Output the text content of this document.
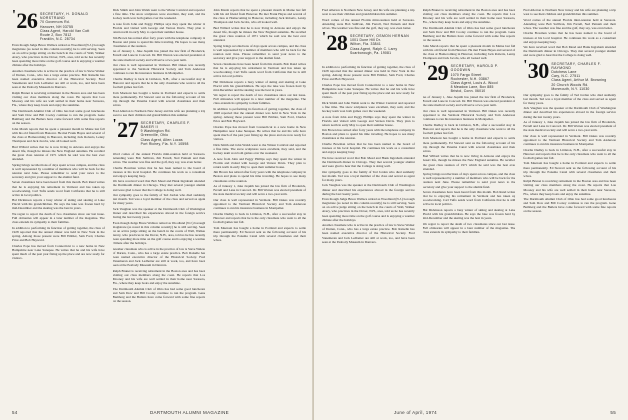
'26 SECRETARY, H. DONALD NORSTRAND
70 Governors Rd.
Hanover, NH 03755
Class Agent, Harold Van Cott
Route 2, Box 7812
Franklin, N.C. 28734

Even though Judge Bruce Wallace retired as Woodland (N.J.) borough magistrate (as noted in this column recently) he is still serving. Seen on an active judge sitting on the bench in the courts of Wall, Walker Avery, who practices in the Dover, N.H., area, told us he has recently been spending more time on the golf course and is enjoying a warmer climate after the holidays.

Another classmate who is active in the practice of law is Steve Walzer of Darien, Conn., who has a large estate practice. Bob Raiselle has been named executive director of the Historical Society. Fred Vanemeran and Jack Ledbetter are still at work, too, and have been seen at the Peabody Museum in Danvers.

Ralph Brunet is receiving retirement in the Boston area and has been visiting our class members along the coast. He reports that Lou Mooney and his wife are well settled in their home near Sarasota, Fla., where they keep boats and enjoy the sunshine.

The Dartmouth Alumni Club of Ohio has had some good luncheons and Sam Dow and Bill Cooley continue to run the program. Gene Bamberg and the Butlers have come forward with some fine reports on the season.

John Marsh reports that he spent a pleasant month in Maine last fall with his old friend from Hanover. He met Frank Hayes and several of the class at Homecoming in Hanover, including Jack Roberts, Lenny Thompson and Jack Jacobs, who all looked well.

Bud Willard writes that he is now living in Arizona and enjoys the desert life, though he misses the New England autumns. He recalled the great class reunion of 1971 which he said was the best ever attended.

Spring brings recollections of days spent across campus, and the class is well represented by a number of members who will be back for the reunion next June. Please remember to send your news to the secretary and give your support to the alumni fund.

Seven classmates have been heard from this month. Bob Rand writes that he is enjoying his retirement in Vermont and has taken up woodworking. Carl Tufts sends word from California that he is still active in local politics.

Hal Dickinson reports a busy winter of skiing and skating at Lake Placid with his grandchildren. He says the lake was frozen hard by mid-December and the skating was the best in years.

We regret to report the death of two classmates since our last issue. Full obituaries will appear in a later number of the magazine. The class extends its sympathy to their families.

In addition to performing its function of getting together, the class of 1928 reported that the annual dinner was held in New York in the spring. Among those present were Bill Embler, Sam Ford, Charles Price and Bob Hayward.

Charles Pope has moved from Connecticut to a new home in New Hampshire near Lake Sunapee. He writes that he and his wife have spent much of the past year fixing up the place and are now ready for visitors.

Dick Smith and John Walsh went to the Winter Carnival and reported a fine time. The snow sculptures were excellent, they said, and the hockey team won both games over the weekend.

A note from John and Peggy Phillips says they spent the winter in Florida and visited with George and Vernon Davis. They plan to return north in early May to open their summer house.

Jim Brown has retired after forty years with the telephone company in Boston and plans to spend his time traveling. He hopes to see many classmates at the reunion.

As of January 1, Jake Jaquith has joined the law firm of Broderick, Ferrell and Lane in Concord. Dr. Bill Warren was elected president of the state medical society and will serve a two-year term.

Our class is well represented in Vermont. Bill Oakes was recently appointed to the Vermont Historical Society and Tom Anderson continues to run his insurance business in Montpelier.

Charlie Dudley is back in Littleton, N.H., after a successful stay in Hanover and reports that he is the only classmate who went to all the football games last fall.

Tom Mazzoni has bought a home in Portland and expects to settle there permanently. Ed Stewart sent us the following account of his trip through the Panama Canal with several classmates and their wives.

Fred Allerton is Northern New Jersey and his wife are planning a trip west to see their children and grandchildren this summer.

'27 SECRETARY, CHARLES F. BAKER II
9 Washington Rd.
Greenville, Ohio
Class Agent, Allen Lucas
Port Richey, Fla. N.Y. 10598

Word comes of the annual Florida mini-reunion held at Sarasota. Attending were Bob Sullivan, Jim Farrell, Ned Putnam and their wives. The weather was fine and the golf, they say, was even better.

Charlie Bowman writes that he has been named to the board of trustees at his local hospital. He continues his work as a consultant and enjoys keeping busy.

We have received word that Bob Mead and Hank Ingraham attended the Dartmouth dinner in Chicago. They met several younger alumni and were glad to hear that the College is doing well.

Our sympathy goes to the family of Ted Jordan who died suddenly last month. Ted was a loyal member of the class and served as agent for many years.

Jack Vaughan was the speaker at the Dartmouth Club of Washington dinner and described his experiences abroad in the foreign service during the last twenty years.

Even though Judge Bruce Wallace retired as Woodland (N.J.) borough magistrate (as noted in this column recently) he is still serving. Seen on an active judge sitting on the bench in the courts of Wall, Walker Avery, who practices in the Dover, N.H., area, told us he has recently been spending more time on the golf course and is enjoying a warmer climate after the holidays.

Another classmate who is active in the practice of law is Steve Walzer of Darien, Conn., who has a large estate practice. Bob Raiselle has been named executive director of the Historical Society. Fred Vanemeran and Jack Ledbetter are still at work, too, and have been seen at the Peabody Museum in Danvers.

Ralph Brunet is receiving retirement in the Boston area and has been visiting our class members along the coast. He reports that Lou Mooney and his wife are well settled in their home near Sarasota, Fla., where they keep boats and enjoy the sunshine.

The Dartmouth Alumni Club of Ohio has had some good luncheons and Sam Dow and Bill Cooley continue to run the program. Gene Bamberg and the Butlers have come forward with some fine reports on the season.

John Marsh reports that he spent a pleasant month in Maine last fall with his old friend from Hanover. He met Frank Hayes and several of the class at Homecoming in Hanover, including Jack Roberts, Lenny Thompson and Jack Jacobs, who all looked well.

Bud Willard writes that he is now living in Arizona and enjoys the desert life, though he misses the New England autumns. He recalled the great class reunion of 1971 which he said was the best ever attended.

Spring brings recollections of days spent across campus, and the class is well represented by a number of members who will be back for the reunion next June. Please remember to send your news to the secretary and give your support to the alumni fund.

Seven classmates have been heard from this month. Bob Rand writes that he is enjoying his retirement in Vermont and has taken up woodworking. Carl Tufts sends word from California that he is still active in local politics.

Hal Dickinson reports a busy winter of skiing and skating at Lake Placid with his grandchildren. He says the lake was frozen hard by mid-December and the skating was the best in years.

We regret to report the death of two classmates since our last issue. Full obituaries will appear in a later number of the magazine. The class extends its sympathy to their families.

In addition to performing its function of getting together, the class of 1928 reported that the annual dinner was held in New York in the spring. Among those present were Bill Embler, Sam Ford, Charles Price and Bob Hayward.

Charles Pope has moved from Connecticut to a new home in New Hampshire near Lake Sunapee. He writes that he and his wife have spent much of the past year fixing up the place and are now ready for visitors.

Dick Smith and John Walsh went to the Winter Carnival and reported a fine time. The snow sculptures were excellent, they said, and the hockey team won both games over the weekend.

A note from John and Peggy Phillips says they spent the winter in Florida and visited with George and Vernon Davis. They plan to return north in early May to open their summer house.

Jim Brown has retired after forty years with the telephone company in Boston and plans to spend his time traveling. He hopes to see many classmates at the reunion.

As of January 1, Jake Jaquith has joined the law firm of Broderick, Ferrell and Lane in Concord. Dr. Bill Warren was elected president of the state medical society and will serve a two-year term.

Our class is well represented in Vermont. Bill Oakes was recently appointed to the Vermont Historical Society and Tom Anderson continues to run his insurance business in Montpelier.

Charlie Dudley is back in Littleton, N.H., after a successful stay in Hanover and reports that he is the only classmate who went to all the football games last fall.

Tom Mazzoni has bought a home in Portland and expects to settle there permanently. Ed Stewart sent us the following account of his trip through the Panama Canal with several classmates and their wives.

54	DARTMOUTH ALUMNI MAGAZINE

Fred Allerton is Northern New Jersey and his wife are planning a trip west to see their children and grandchildren this summer.

Word comes of the annual Florida mini-reunion held at Sarasota. Attending were Bob Sullivan, Jim Farrell, Ned Putnam and their wives. The weather was fine and the golf, they say, was even better.

'28 SECRETARY, OSMON HERNAN
1001 Dune Hill Dr.
Wilton, Fla. 33841
Class Agent, Ralph C. Larry
Scarborough, Pa. 19081

In addition to performing its function of getting together, the class of 1928 reported that the annual dinner was held in New York in the spring. Among those present were Bill Embler, Sam Ford, Charles Price and Bob Hayward.

Charles Pope has moved from Connecticut to a new home in New Hampshire near Lake Sunapee. He writes that he and his wife have spent much of the past year fixing up the place and are now ready for visitors.

Dick Smith and John Walsh went to the Winter Carnival and reported a fine time. The snow sculptures were excellent, they said, and the hockey team won both games over the weekend.

A note from John and Peggy Phillips says they spent the winter in Florida and visited with George and Vernon Davis. They plan to return north in early May to open their summer house.

Jim Brown has retired after forty years with the telephone company in Boston and plans to spend his time traveling. He hopes to see many classmates at the reunion.

Charlie Bowman writes that he has been named to the board of trustees at his local hospital. He continues his work as a consultant and enjoys keeping busy.

We have received word that Bob Mead and Hank Ingraham attended the Dartmouth dinner in Chicago. They met several younger alumni and were glad to hear that the College is doing well.

Our sympathy goes to the family of Ted Jordan who died suddenly last month. Ted was a loyal member of the class and served as agent for many years.

Jack Vaughan was the speaker at the Dartmouth Club of Washington dinner and described his experiences abroad in the foreign service during the last twenty years.

Even though Judge Bruce Wallace retired as Woodland (N.J.) borough magistrate (as noted in this column recently) he is still serving. Seen on an active judge sitting on the bench in the courts of Wall, Walker Avery, who practices in the Dover, N.H., area, told us he has recently been spending more time on the golf course and is enjoying a warmer climate after the holidays.

Another classmate who is active in the practice of law is Steve Walzer of Darien, Conn., who has a large estate practice. Bob Raiselle has been named executive director of the Historical Society. Fred Vanemeran and Jack Ledbetter are still at work, too, and have been seen at the Peabody Museum in Danvers.

Ralph Brunet is receiving retirement in the Boston area and has been visiting our class members along the coast. He reports that Lou Mooney and his wife are well settled in their home near Sarasota, Fla., where they keep boats and enjoy the sunshine.

The Dartmouth Alumni Club of Ohio has had some good luncheons and Sam Dow and Bill Cooley continue to run the program. Gene Bamberg and the Butlers have come forward with some fine reports on the season.

John Marsh reports that he spent a pleasant month in Maine last fall with his old friend from Hanover. He met Frank Hayes and several of the class at Homecoming in Hanover, including Jack Roberts, Lenny Thompson and Jack Jacobs, who all looked well.

'29 SECRETARY, HAROLD P. GOODWIN
1070 Fargo Street
Rochester, N.H. 03867
Class Agent, Louis A. Wood
8 Meadow Lane, Box 885
Bristol, Conn. 06010

As of January 1, Jake Jaquith has joined the law firm of Broderick, Ferrell and Lane in Concord. Dr. Bill Warren was elected president of the state medical society and will serve a two-year term.

Our class is well represented in Vermont. Bill Oakes was recently appointed to the Vermont Historical Society and Tom Anderson continues to run his insurance business in Montpelier.

Charlie Dudley is back in Littleton, N.H., after a successful stay in Hanover and reports that he is the only classmate who went to all the football games last fall.

Tom Mazzoni has bought a home in Portland and expects to settle there permanently. Ed Stewart sent us the following account of his trip through the Panama Canal with several classmates and their wives.

Bud Willard writes that he is now living in Arizona and enjoys the desert life, though he misses the New England autumns. He recalled the great class reunion of 1971 which he said was the best ever attended.

Spring brings recollections of days spent across campus, and the class is well represented by a number of members who will be back for the reunion next June. Please remember to send your news to the secretary and give your support to the alumni fund.

Seven classmates have been heard from this month. Bob Rand writes that he is enjoying his retirement in Vermont and has taken up woodworking. Carl Tufts sends word from California that he is still active in local politics.

Hal Dickinson reports a busy winter of skiing and skating at Lake Placid with his grandchildren. He says the lake was frozen hard by mid-December and the skating was the best in years.

We regret to report the death of two classmates since our last issue. Full obituaries will appear in a later number of the magazine. The class extends its sympathy to their families.

Fred Allerton is Northern New Jersey and his wife are planning a trip west to see their children and grandchildren this summer.

Word comes of the annual Florida mini-reunion held at Sarasota. Attending were Bob Sullivan, Jim Farrell, Ned Putnam and their wives. The weather was fine and the golf, they say, was even better.

Charlie Bowman writes that he has been named to the board of trustees at his local hospital. He continues his work as a consultant and enjoys keeping busy.

We have received word that Bob Mead and Hank Ingraham attended the Dartmouth dinner in Chicago. They met several younger alumni and were glad to hear that the College is doing well.

'30 SECRETARY, CHARLES F. RAYMOND
Dutchess Lane
Cary, N.C. 27511
Class Agent, Arthur M. Browning
20 Church Woods Rd.
Monmouth, N.Y. 11030

Our sympathy goes to the family of Ted Jordan who died suddenly last month. Ted was a loyal member of the class and served as agent for many years.

Jack Vaughan was the speaker at the Dartmouth Club of Washington dinner and described his experiences abroad in the foreign service during the last twenty years.

As of January 1, Jake Jaquith has joined the law firm of Broderick, Ferrell and Lane in Concord. Dr. Bill Warren was elected president of the state medical society and will serve a two-year term.

Our class is well represented in Vermont. Bill Oakes was recently appointed to the Vermont Historical Society and Tom Anderson continues to run his insurance business in Montpelier.

Charlie Dudley is back in Littleton, N.H., after a successful stay in Hanover and reports that he is the only classmate who went to all the football games last fall.

Tom Mazzoni has bought a home in Portland and expects to settle there permanently. Ed Stewart sent us the following account of his trip through the Panama Canal with several classmates and their wives.

Ralph Brunet is receiving retirement in the Boston area and has been visiting our class members along the coast. He reports that Lou Mooney and his wife are well settled in their home near Sarasota, Fla., where they keep boats and enjoy the sunshine.

The Dartmouth Alumni Club of Ohio has had some good luncheons and Sam Dow and Bill Cooley continue to run the program. Gene Bamberg and the Butlers have come forward with some fine reports on the season.

June of Aprіl, 1974	55
